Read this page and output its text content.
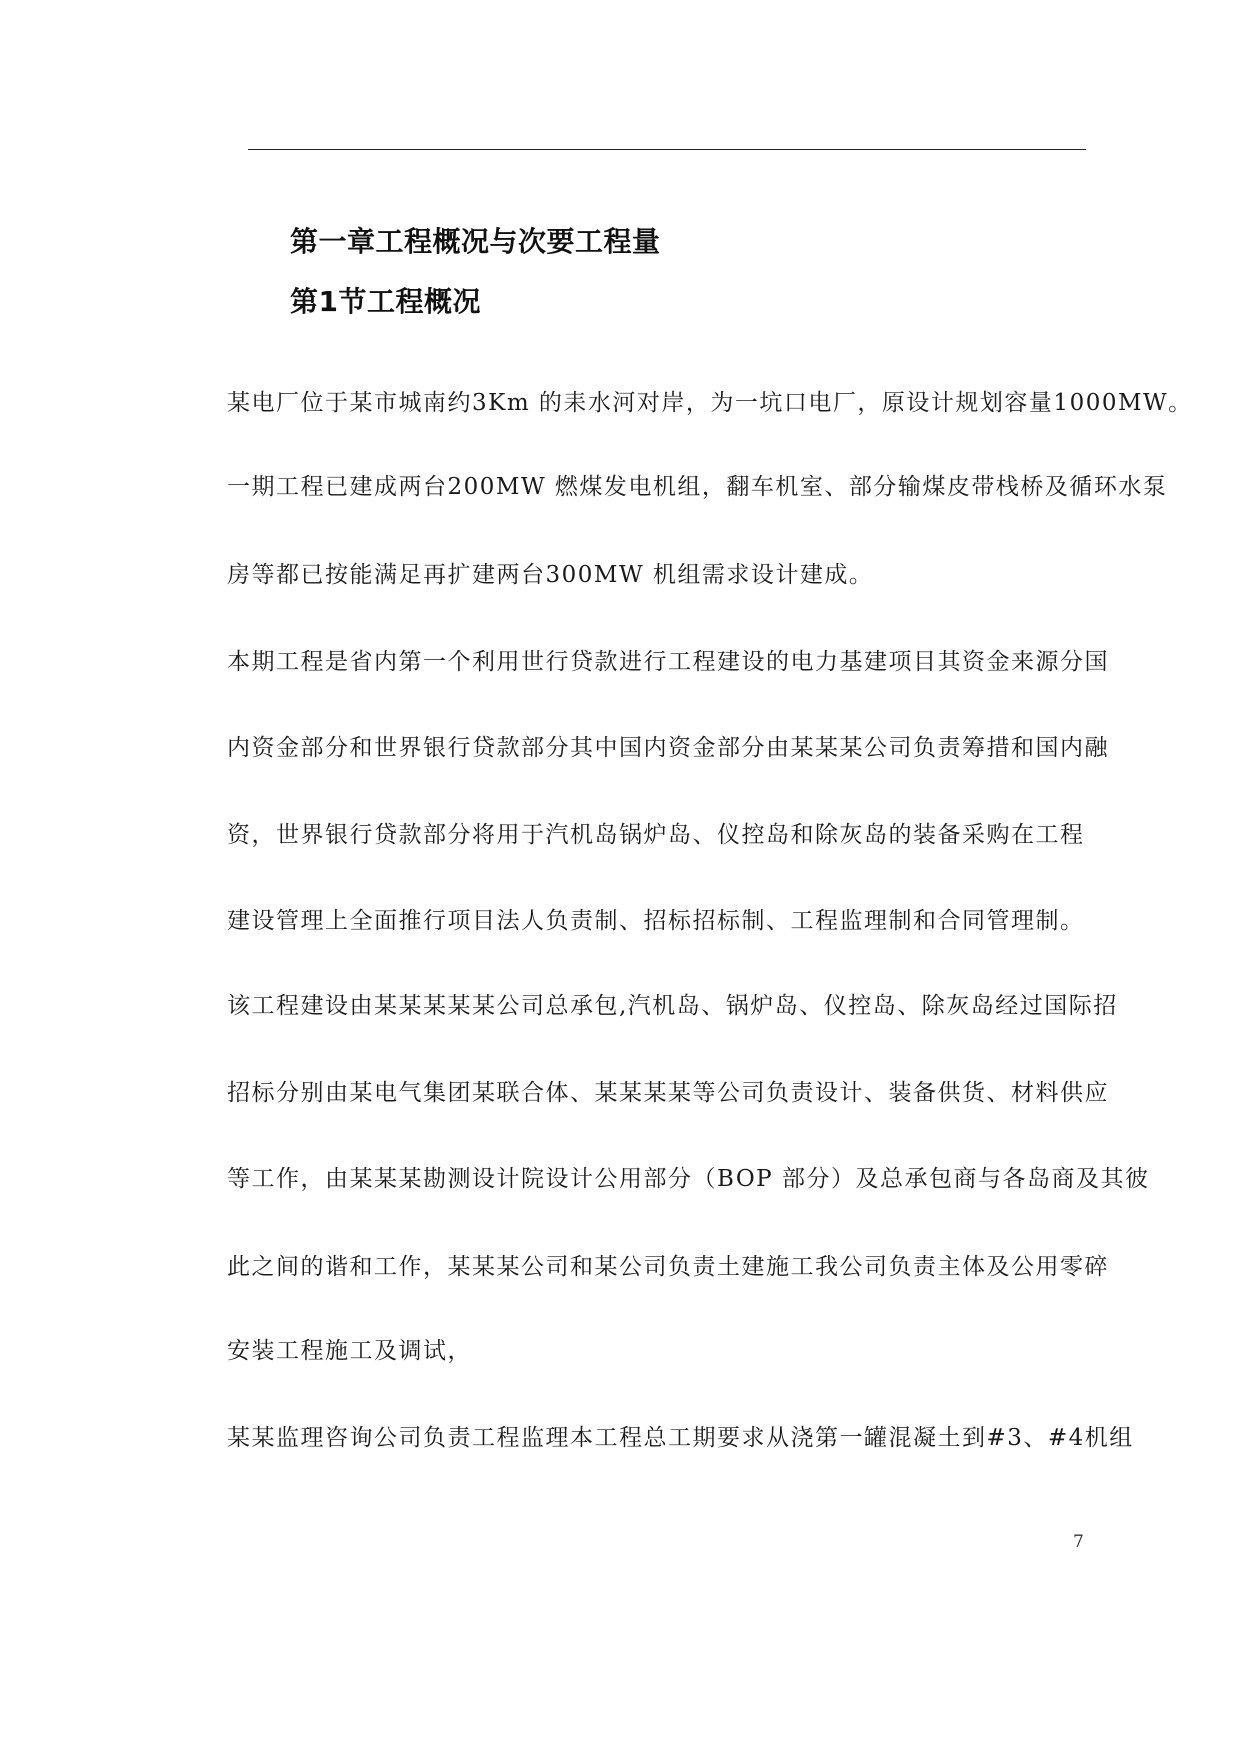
第一章工程概况与次要工程量
第1节工程概况
某电厂位于某市城南约3Km 的耒水河对岸，为一坑口电厂，原设计规划容量1000MW。
一期工程已建成两台200MW 燃煤发电机组，翻车机室、部分输煤皮带栈桥及循环水泵
房等都已按能满足再扩建两台300MW 机组需求设计建成。
本期工程是省内第一个利用世行贷款进行工程建设的电力基建项目其资金来源分国
内资金部分和世界银行贷款部分其中国内资金部分由某某某公司负责筹措和国内融
资，世界银行贷款部分将用于汽机岛锅炉岛、仪控岛和除灰岛的装备采购在工程
建设管理上全面推行项目法人负责制、招标招标制、工程监理制和合同管理制。
该工程建设由某某某某某公司总承包,汽机岛、锅炉岛、仪控岛、除灰岛经过国际招
招标分别由某电气集团某联合体、某某某某等公司负责设计、装备供货、材料供应
等工作，由某某某勘测设计院设计公用部分（BOP 部分）及总承包商与各岛商及其彼
此之间的谐和工作，某某某公司和某公司负责土建施工我公司负责主体及公用零碎
安装工程施工及调试，
某某监理咨询公司负责工程监理本工程总工期要求从浇第一罐混凝土到#3、#4机组
7
